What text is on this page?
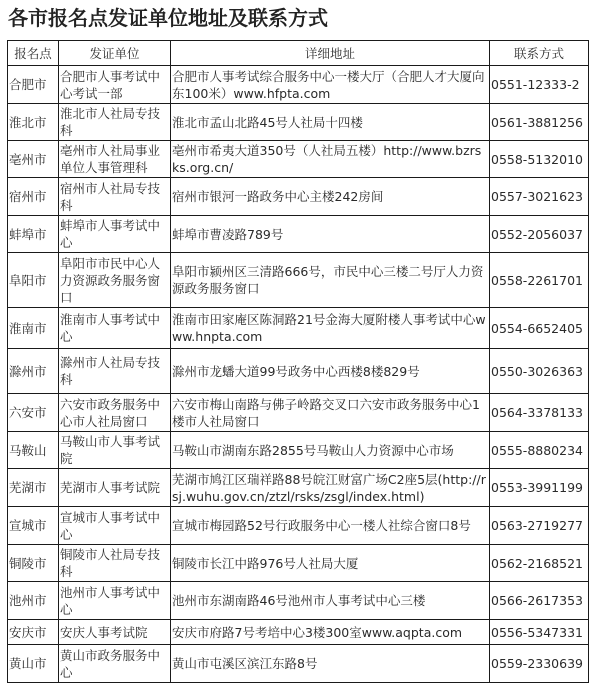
各市报名点发证单位地址及联系方式
报名点	发证单位	详细地址	联系方式
合肥市	合肥市人事考试中心考试一部	合肥市人事考试综合服务中心一楼大厅（合肥人才大厦向东100米）www.hfpta.com	0551-12333-2
淮北市	淮北市人社局专技科	淮北市孟山北路45号人社局十四楼	0561-3881256
亳州市	亳州市人社局事业单位人事管理科	亳州市希夷大道350号（人社局五楼）http://www.bzrsks.org.cn/	0558-5132010
宿州市	宿州市人社局专技科	宿州市银河一路政务中心主楼242房间	0557-3021623
蚌埠市	蚌埠市人事考试中心	蚌埠市曹凌路789号	0552-2056037
阜阳市	阜阳市市民中心人力资源政务服务窗口	阜阳市颍州区三清路666号，市民中心三楼二号厅人力资源政务服务窗口	0558-2261701
淮南市	淮南市人事考试中心	淮南市田家庵区陈洞路21号金海大厦附楼人事考试中心www.hnpta.com	0554-6652405
滁州市	滁州市人社局专技科	滁州市龙蟠大道99号政务中心西楼8楼829号	0550-3026363
六安市	六安市政务服务中心市人社局窗口	六安市梅山南路与佛子岭路交叉口六安市政务服务中心1楼市人社局窗口	0564-3378133
马鞍山	马鞍山市人事考试院	马鞍山市湖南东路2855号马鞍山人力资源中心市场	0555-8880234
芜湖市	芜湖市人事考试院	芜湖市鸠江区瑞祥路88号皖江财富广场C2座5层(http://rsj.wuhu.gov.cn/ztzl/rsks/zsgl/index.html)	0553-3991199
宣城市	宣城市人事考试中心	宣城市梅园路52号行政服务中心一楼人社综合窗口8号	0563-2719277
铜陵市	铜陵市人社局专技科	铜陵市长江中路976号人社局大厦	0562-2168521
池州市	池州市人事考试中心	池州市东湖南路46号池州市人事考试中心三楼	0566-2617353
安庆市	安庆人事考试院	安庆市府路7号考培中心3楼300室www.aqpta.com	0556-5347331
黄山市	黄山市政务服务中心	黄山市屯溪区滨江东路8号	0559-2330639
